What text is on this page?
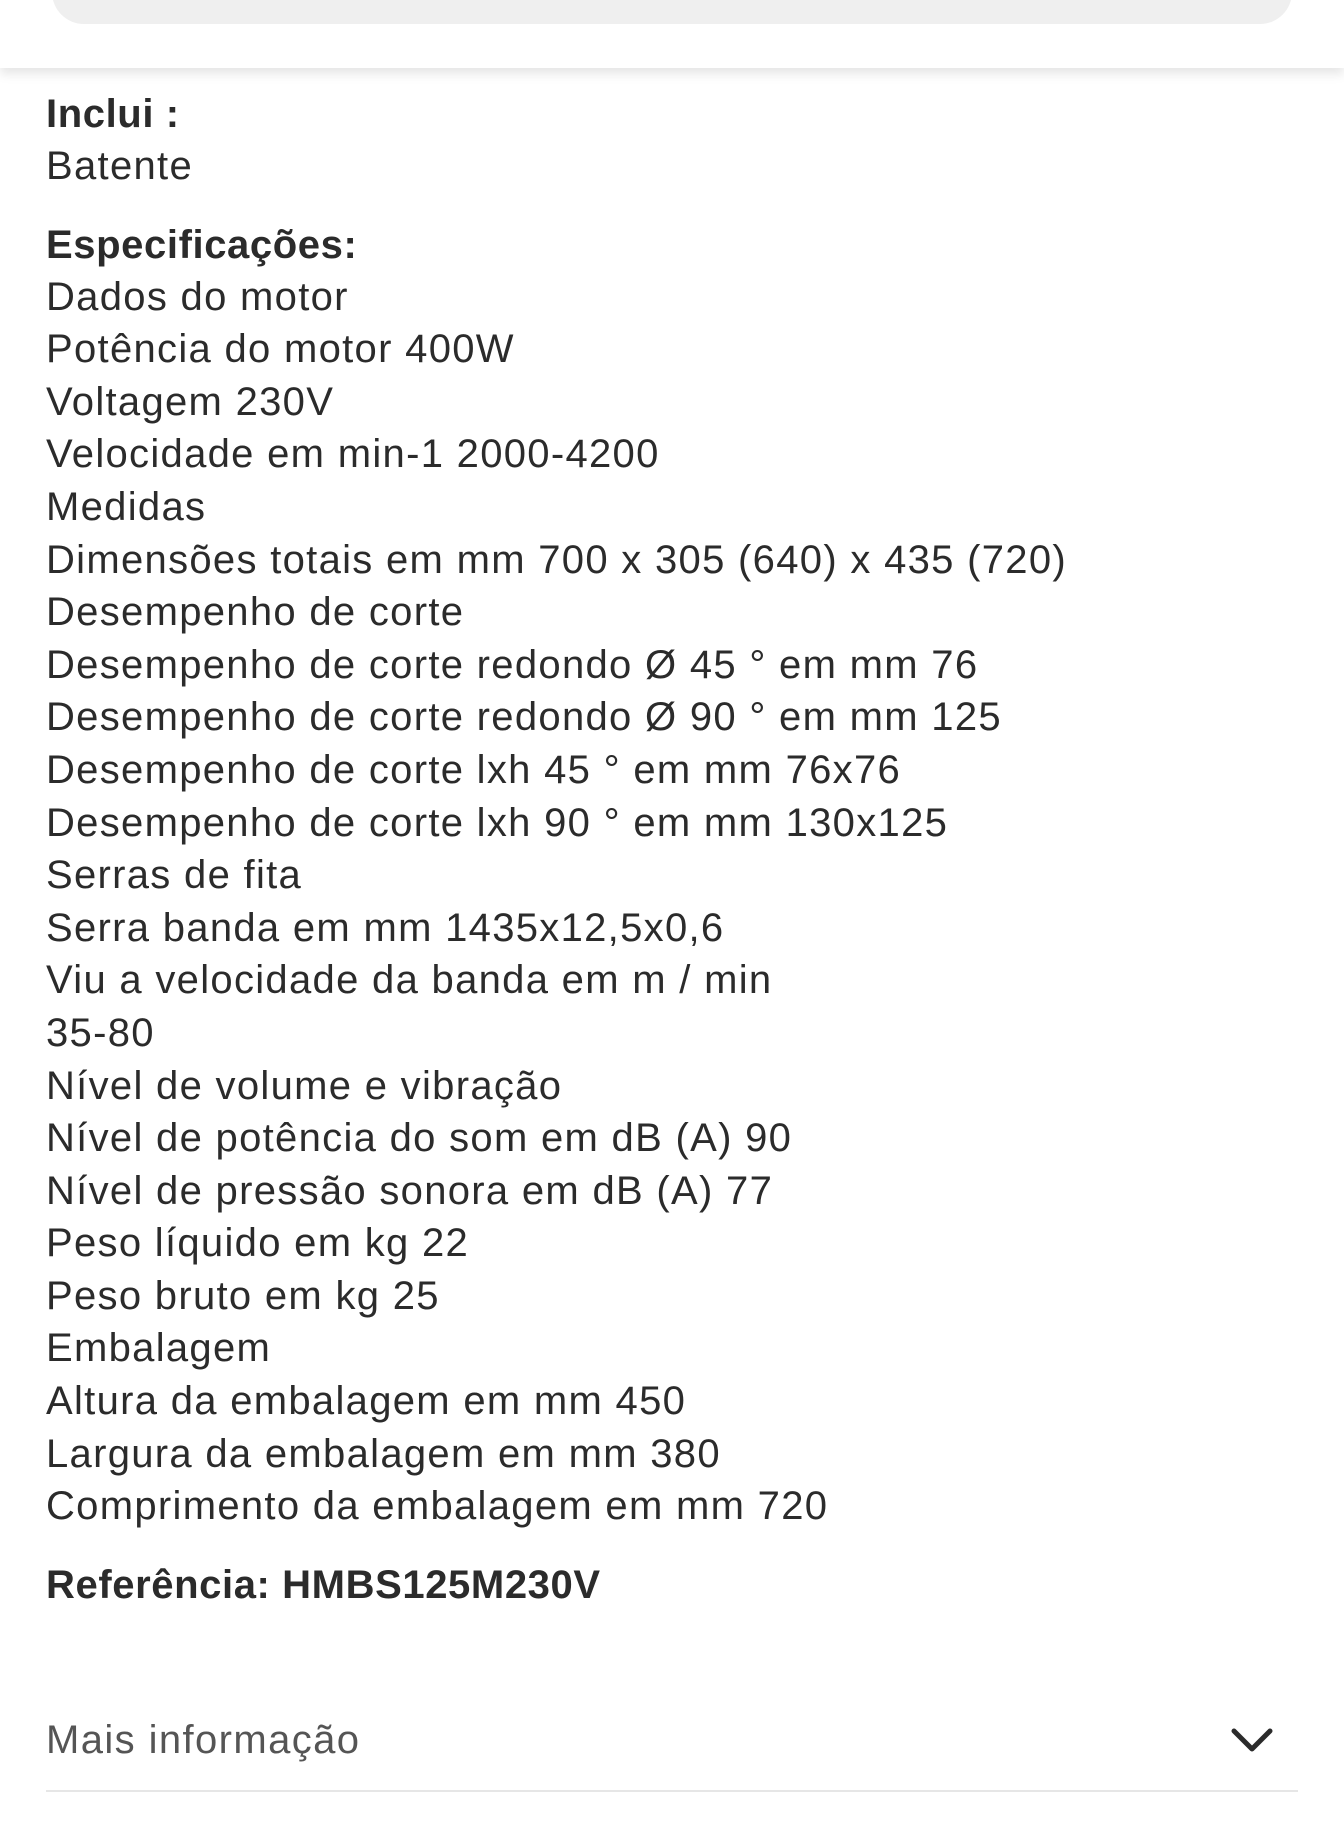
Inclui :
Batente
Especificações:
Dados do motor
Potência do motor 400W
Voltagem 230V
Velocidade em min-1 2000-4200
Medidas
Dimensões totais em mm 700 x 305 (640) x 435 (720)
Desempenho de corte
Desempenho de corte redondo Ø 45 ° em mm 76
Desempenho de corte redondo Ø 90 ° em mm 125
Desempenho de corte lxh 45 ° em mm 76x76
Desempenho de corte lxh 90 ° em mm 130x125
Serras de fita
Serra banda em mm 1435x12,5x0,6
Viu a velocidade da banda em m / min
35-80
Nível de volume e vibração
Nível de potência do som em dB (A) 90
Nível de pressão sonora em dB (A) 77
Peso líquido em kg 22
Peso bruto em kg 25
Embalagem
Altura da embalagem em mm 450
Largura da embalagem em mm 380
Comprimento da embalagem em mm 720
Referência: HMBS125M230V
Mais informação
